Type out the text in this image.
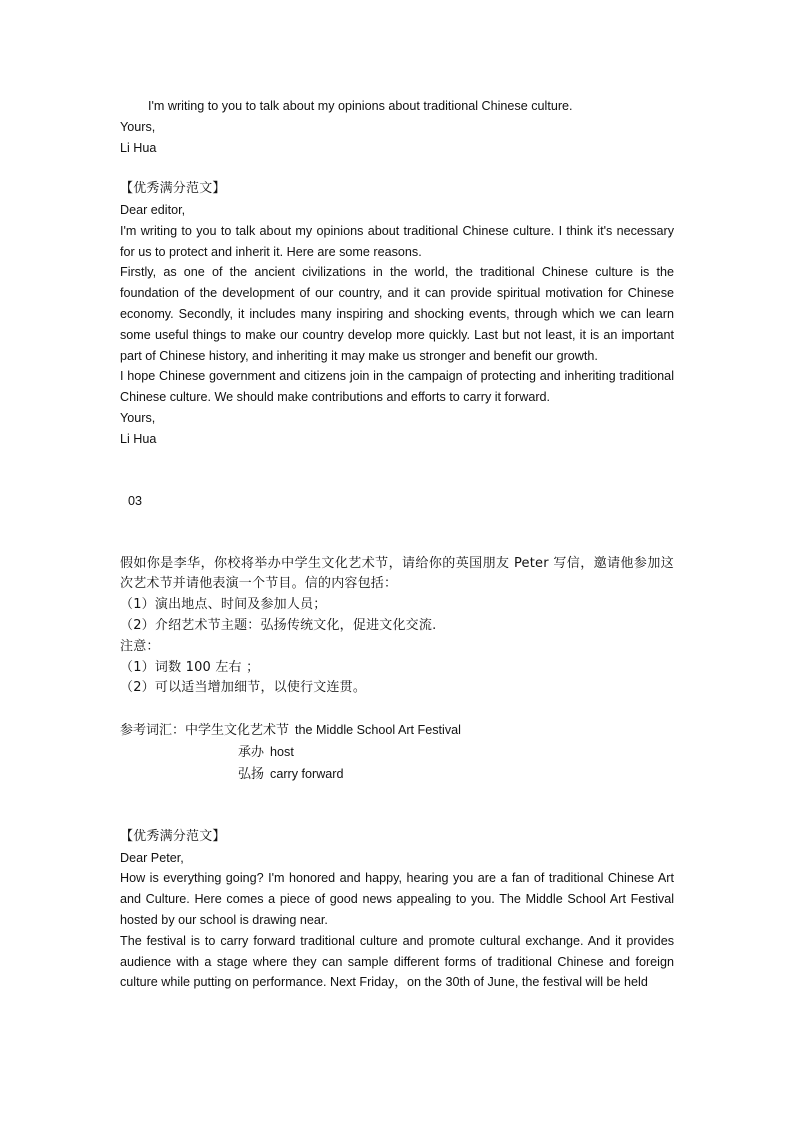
I'm writing to you to talk about my opinions about traditional Chinese culture.
Yours,
Li Hua
【优秀满分范文】
Dear editor,
I'm writing to you to talk about my opinions about traditional Chinese culture. I think it's necessary for us to protect and inherit it. Here are some reasons.
Firstly, as one of the ancient civilizations in the world, the traditional Chinese culture is the foundation of the development of our country, and it can provide spiritual motivation for Chinese economy. Secondly, it includes many inspiring and shocking events, through which we can learn some useful things to make our country develop more quickly. Last but not least, it is an important part of Chinese history, and inheriting it may make us stronger and benefit our growth.
I hope Chinese government and citizens join in the campaign of protecting and inheriting traditional Chinese culture. We should make contributions and efforts to carry it forward.
Yours,
Li Hua
03
假如你是李华，你校将举办中学生文化艺术节，请给你的英国朋友 Peter 写信，邀请他参加这次艺术节并请他表演一个节目。信的内容包括：
（1）演出地点、时间及参加人员；
（2）介绍艺术节主题：弘扬传统文化，促进文化交流.
注意：
（1）词数 100 左右 ；
（2）可以适当增加细节，以使行文连贯。
参考词汇：中学生文化艺术节 the Middle School Art Festival
承办 host
弘扬 carry forward
【优秀满分范文】
Dear Peter,
How is everything going? I'm honored and happy, hearing you are a fan of traditional Chinese Art and Culture. Here comes a piece of good news appealing to you. The Middle School Art Festival hosted by our school is drawing near.
The festival is to carry forward traditional culture and promote cultural exchange. And it provides audience with a stage where they can sample different forms of traditional Chinese and foreign culture while putting on performance. Next Friday，on the 30th of June, the festival will be held
